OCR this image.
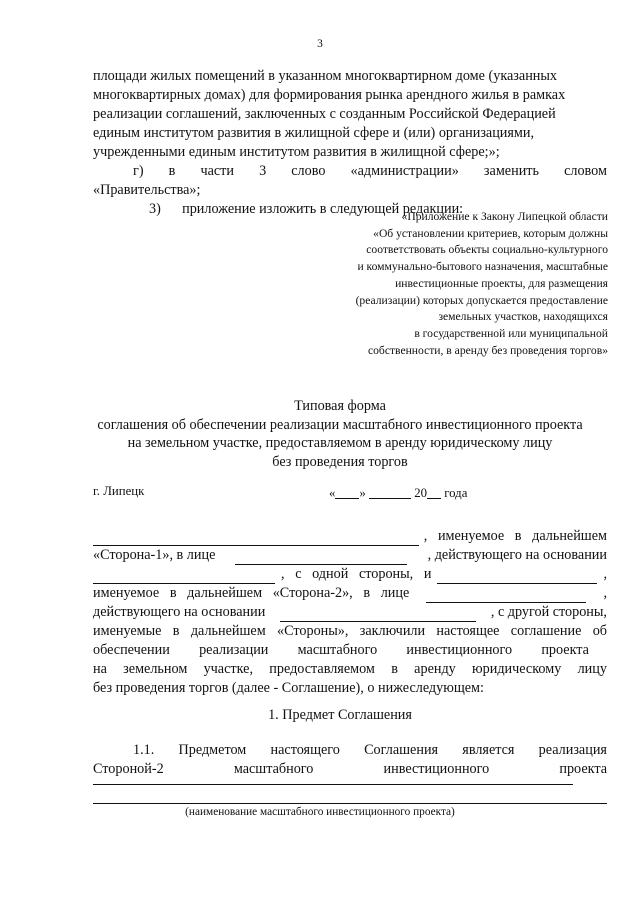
3

площади жилых помещений в указанном многоквартирном доме (указанных

многоквартирных домах) для формирования рынка арендного жилья в рамках

реализации соглашений, заключенных с созданным Российской Федерацией

единым институтом развития в жилищной сфере и (или) организациями,

учрежденными единым институтом развития в жилищной сфере;»;

г) в части 3 слово «администрации» заменить словом
«Правительства»;
3)      приложение изложить в следующей редакции:
«Приложение к Закону Липецкой области
«Об установлении критериев, которым должны
соответствовать объекты социально-культурного
и коммунально-бытового назначения, масштабные
инвестиционные проекты, для размещения
(реализации) которых допускается предоставление
земельных участков, находящихся
в государственной или муниципальной
собственности, в аренду без проведения торгов»
Типовая форма
соглашения об обеспечении реализации масштабного инвестиционного проекта
на земельном участке, предоставляемом в аренду юридическому лицу
без проведения торгов
г. Липецк	« »	20 года
,   именуемое   в   дальнейшем
«Сторона-1», в лице	, действующего на основании
,   с   одной   стороны,   и	,
именуемое   в   дальнейшем   «Сторона-2»,   в   лице	,
действующего на основании	, с другой стороны,
именуемые в дальнейшем «Стороны», заключили настоящее соглашение об
обеспечении реализации масштабного инвестиционного проекта
на земельном участке, предоставляемом в аренду юридическому лицу
без проведения торгов (далее - Соглашение), о нижеследующем:
1. Предмет Соглашения
1.1. Предметом настоящего Соглашения является реализация
Стороной-2	масштабного	инвестиционного	проекта
(наименование масштабного инвестиционного проекта)
